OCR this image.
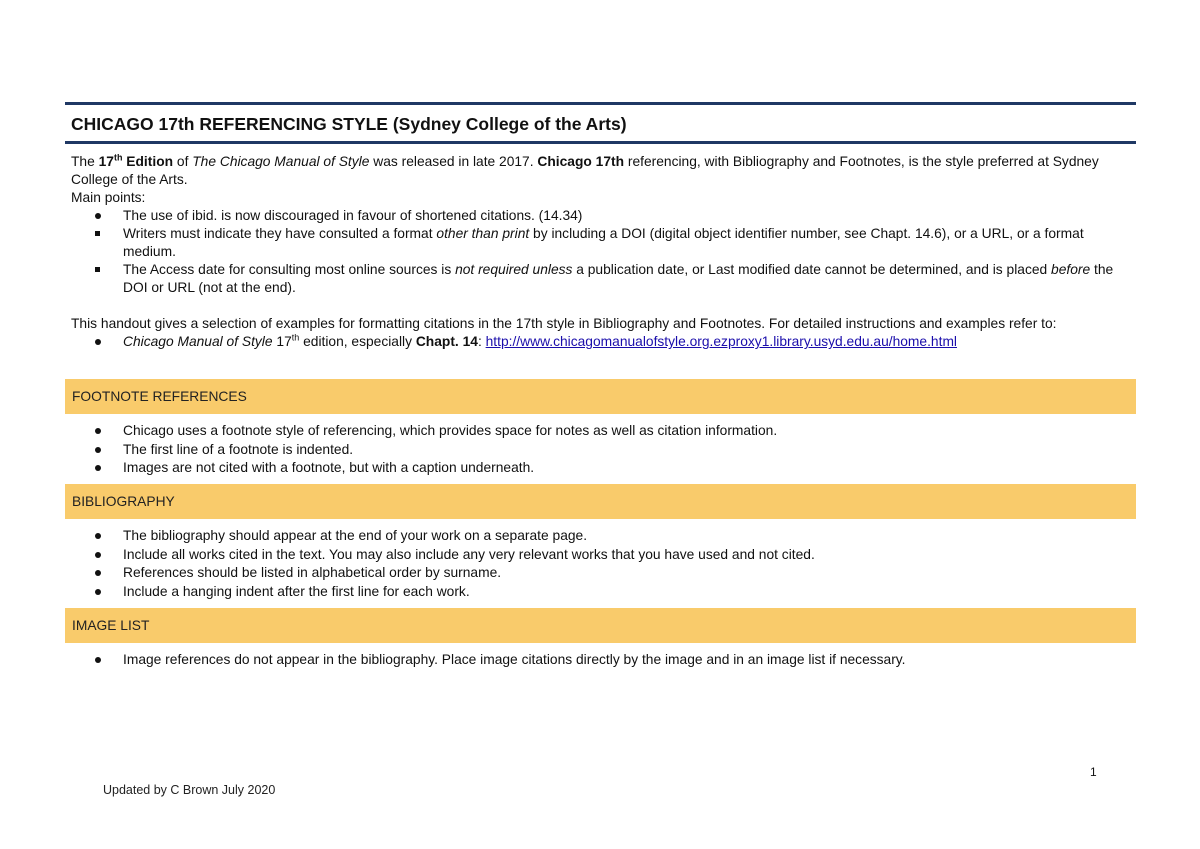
CHICAGO 17th REFERENCING STYLE (Sydney College of the Arts)

The 17th Edition of The Chicago Manual of Style was released in late 2017. Chicago 17th referencing, with Bibliography and Footnotes, is the style preferred at Sydney College of the Arts.

Main points:

The use of ibid. is now discouraged in favour of shortened citations. (14.34)
Writers must indicate they have consulted a format other than print by including a DOI (digital object identifier number, see Chapt. 14.6), or a URL, or a format medium.
The Access date for consulting most online sources is not required unless a publication date, or Last modified date cannot be determined, and is placed before the DOI or URL (not at the end).

This handout gives a selection of examples for formatting citations in the 17th style in Bibliography and Footnotes. For detailed instructions and examples refer to:

Chicago Manual of Style 17th edition, especially Chapt. 14: http://www.chicagomanualofstyle.org.ezproxy1.library.usyd.edu.au/home.html
FOOTNOTE REFERENCES
Chicago uses a footnote style of referencing, which provides space for notes as well as citation information.
The first line of a footnote is indented.
Images are not cited with a footnote, but with a caption underneath.
BIBLIOGRAPHY
The bibliography should appear at the end of your work on a separate page.
Include all works cited in the text. You may also include any very relevant works that you have used and not cited.
References should be listed in alphabetical order by surname.
Include a hanging indent after the first line for each work.
IMAGE LIST
Image references do not appear in the bibliography. Place image citations directly by the image and in an image list if necessary.
1
Updated by C Brown July 2020
